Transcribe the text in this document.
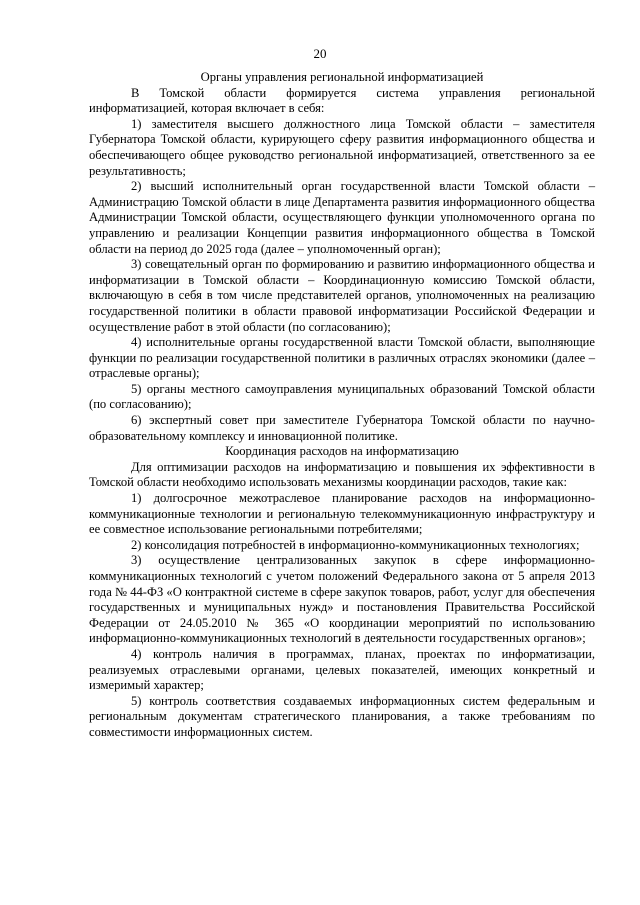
20

Органы управления региональной информатизацией

В Томской области формируется система управления региональной информатизацией, которая включает в себя:

1) заместителя высшего должностного лица Томской области – заместителя Губернатора Томской области, курирующего сферу развития информационного общества и обеспечивающего общее руководство региональной информатизацией, ответственного за ее результативность;

2) высший исполнительный орган государственной власти Томской области – Администрацию Томской области в лице Департамента развития информационного общества Администрации Томской области, осуществляющего функции уполномоченного органа по управлению и реализации Концепции развития информационного общества в Томской области на период до 2025 года (далее – уполномоченный орган);

3) совещательный орган по формированию и развитию информационного общества и информатизации в Томской области – Координационную комиссию Томской области, включающую в себя в том числе представителей органов, уполномоченных на реализацию государственной политики в области правовой информатизации Российской Федерации и осуществление работ в этой области (по согласованию);

4) исполнительные органы государственной власти Томской области, выполняющие функции по реализации государственной политики в различных отраслях экономики (далее – отраслевые органы);

5) органы местного самоуправления муниципальных образований Томской области (по согласованию);

6) экспертный совет при заместителе Губернатора Томской области по научно-образовательному комплексу и инновационной политике.

Координация расходов на информатизацию

Для оптимизации расходов на информатизацию и повышения их эффективности в Томской области необходимо использовать механизмы координации расходов, такие как:

1) долгосрочное межотраслевое планирование расходов на информационно-коммуникационные технологии и региональную телекоммуникационную инфраструктуру и ее совместное использование региональными потребителями;

2) консолидация потребностей в информационно-коммуникационных технологиях;

3) осуществление централизованных закупок в сфере информационно-коммуникационных технологий с учетом положений Федерального закона от 5 апреля 2013 года № 44-ФЗ «О контрактной системе в сфере закупок товаров, работ, услуг для обеспечения государственных и муниципальных нужд» и постановления Правительства Российской Федерации от 24.05.2010 № 365 «О координации мероприятий по использованию информационно-коммуникационных технологий в деятельности государственных органов»;

4) контроль наличия в программах, планах, проектах по информатизации, реализуемых отраслевыми органами, целевых показателей, имеющих конкретный и измеримый характер;

5) контроль соответствия создаваемых информационных систем федеральным и региональным документам стратегического планирования, а также требованиям по совместимости информационных систем.
